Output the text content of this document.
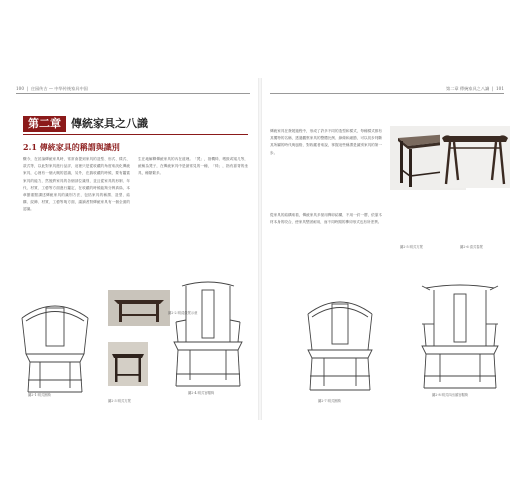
100  |  庄园传古 — 中华传统家具中国
第二章 傳統家具之八識
2.1 傳統家具的稱謂與識別
驟今，在討論傳統家具時，常常會提到家具的造型、形式、樣式、款式等，以此對家具進行品評，這裡只是從收藏的角度來淡化傳統家具，心裡有一個大概的認識，另外，在搞收藏的時候，要有鑑賞家具的能力，然後將家具的各個部位識別，並且從家具的形制、年代、材質、工藝等方面進行鑑定，在收藏的時候能夠分辨真偽，本章節重點講述傳統家具的識別方法，包括家具的稱謂、造型、結構、紋飾、材質、工藝等幾方面，讓讀者對傳統家具有一個全面的認識。
生在地解釋傳統家具的內在道理。「凳」，指機椅、墩鼓或矮几等，統稱為凳子，在傳統家具中是最常見的一種，「椅」，指有靠背的坐具，種類繁多。
圖2-1 明式圈椅
圖2-2 明清鼓凳示意
圖2-3 明式方凳
圖2-4 明式官帽椅
第二章 傳統家具之八識  |  101
傳統家具在發展過程中，形成了許多不同的造型和樣式，每種樣式都有其獨特的名稱，透過觀察家具的整體比例、線條和細節，可以初步判斷其所屬的時代與風格，對收藏者來說，掌握這些稱謂是識別家具的第一步。
從家具的結構來看，傳統家具多採用榫卯結構，不用一釘一膠，依靠木材本身的咬合，使家具堅固耐用，而不同時期的榫卯形式也有所差異。
圖2-5 明式方凳	圖2-6 清式春凳
圖2-7 明式圈椅
圖2-8 明式四出頭官帽椅
